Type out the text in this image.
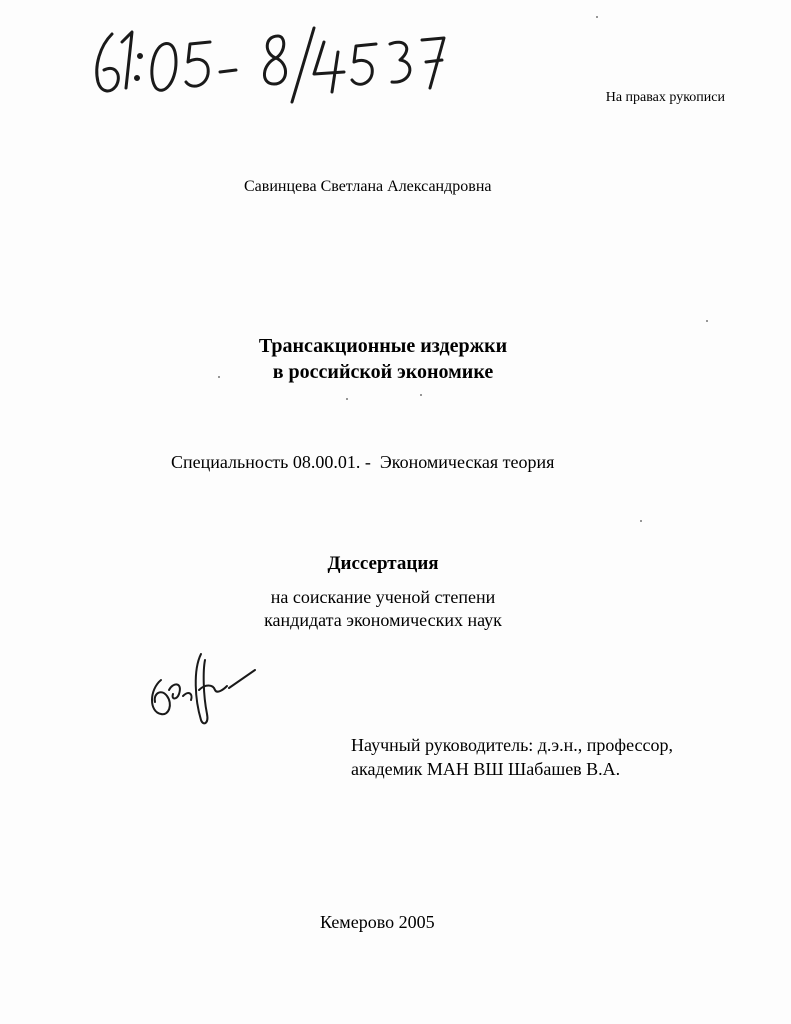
На правах рукописи
Савинцева Светлана Александровна
Трансакционные издержки
в российской экономике
Специальность 08.00.01. -  Экономическая теория
Диссертация
на соискание ученой степени
кандидата экономических наук
Научный руководитель: д.э.н., профессор,
академик МАН ВШ Шабашев В.А.
Кемерово 2005
